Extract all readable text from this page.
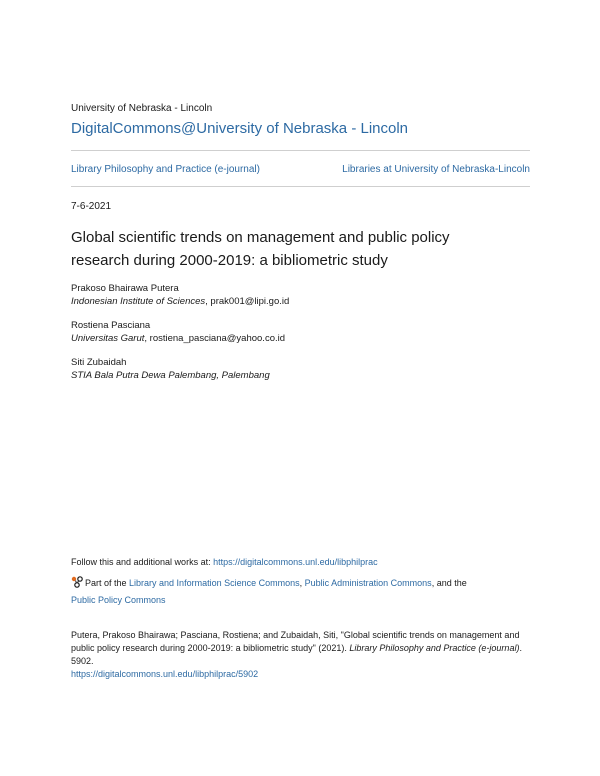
University of Nebraska - Lincoln
DigitalCommons@University of Nebraska - Lincoln
Library Philosophy and Practice (e-journal)	Libraries at University of Nebraska-Lincoln
7-6-2021
Global scientific trends on management and public policy research during 2000-2019: a bibliometric study
Prakoso Bhairawa Putera
Indonesian Institute of Sciences, prak001@lipi.go.id
Rostiena Pasciana
Universitas Garut, rostiena_pasciana@yahoo.co.id
Siti Zubaidah
STIA Bala Putra Dewa Palembang, Palembang
Follow this and additional works at: https://digitalcommons.unl.edu/libphilprac
Part of the Library and Information Science Commons, Public Administration Commons, and the
Public Policy Commons
Putera, Prakoso Bhairawa; Pasciana, Rostiena; and Zubaidah, Siti, "Global scientific trends on management and public policy research during 2000-2019: a bibliometric study" (2021). Library Philosophy and Practice (e-journal). 5902.
https://digitalcommons.unl.edu/libphilprac/5902
